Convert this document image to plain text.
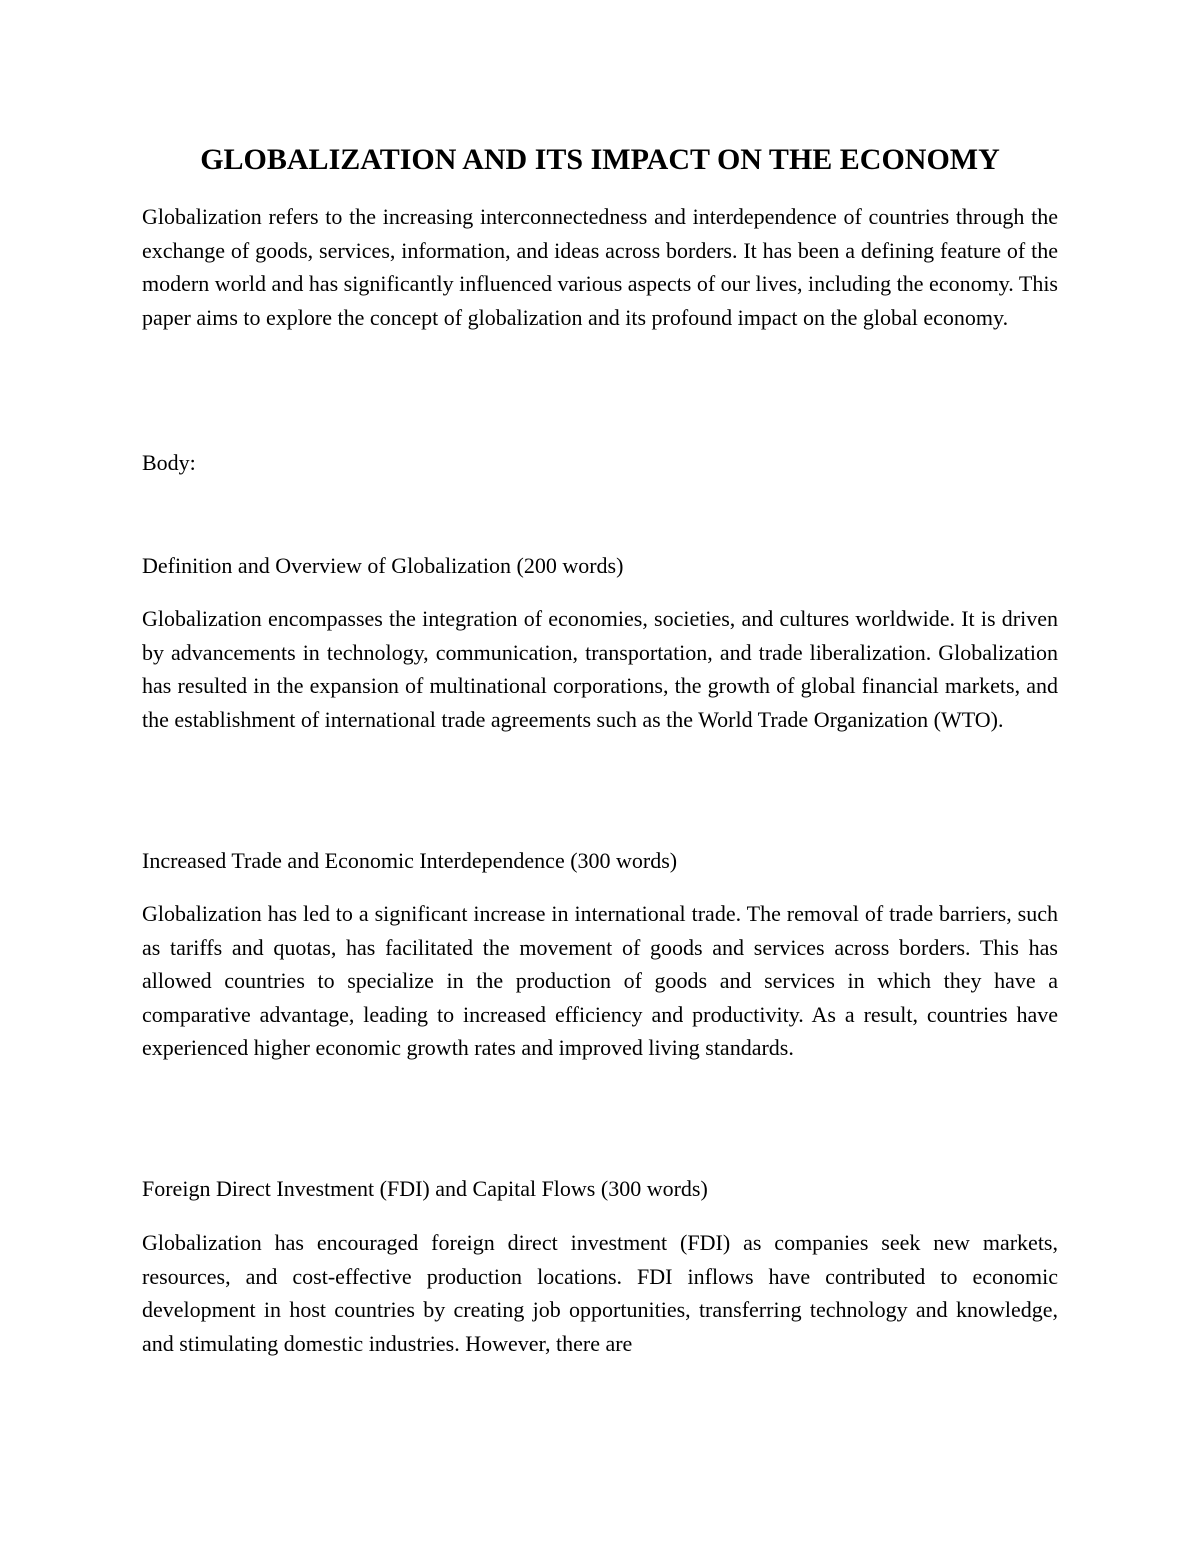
GLOBALIZATION AND ITS IMPACT ON THE ECONOMY

Globalization refers to the increasing interconnectedness and interdependence of countries through the exchange of goods, services, information, and ideas across borders. It has been a defining feature of the modern world and has significantly influenced various aspects of our lives, including the economy. This paper aims to explore the concept of globalization and its profound impact on the global economy.

Body:

Definition and Overview of Globalization (200 words)

Globalization encompasses the integration of economies, societies, and cultures worldwide. It is driven by advancements in technology, communication, transportation, and trade liberalization. Globalization has resulted in the expansion of multinational corporations, the growth of global financial markets, and the establishment of international trade agreements such as the World Trade Organization (WTO).

Increased Trade and Economic Interdependence (300 words)

Globalization has led to a significant increase in international trade. The removal of trade barriers, such as tariffs and quotas, has facilitated the movement of goods and services across borders. This has allowed countries to specialize in the production of goods and services in which they have a comparative advantage, leading to increased efficiency and productivity. As a result, countries have experienced higher economic growth rates and improved living standards.

Foreign Direct Investment (FDI) and Capital Flows (300 words)

Globalization has encouraged foreign direct investment (FDI) as companies seek new markets, resources, and cost-effective production locations. FDI inflows have contributed to economic development in host countries by creating job opportunities, transferring technology and knowledge, and stimulating domestic industries. However, there are
